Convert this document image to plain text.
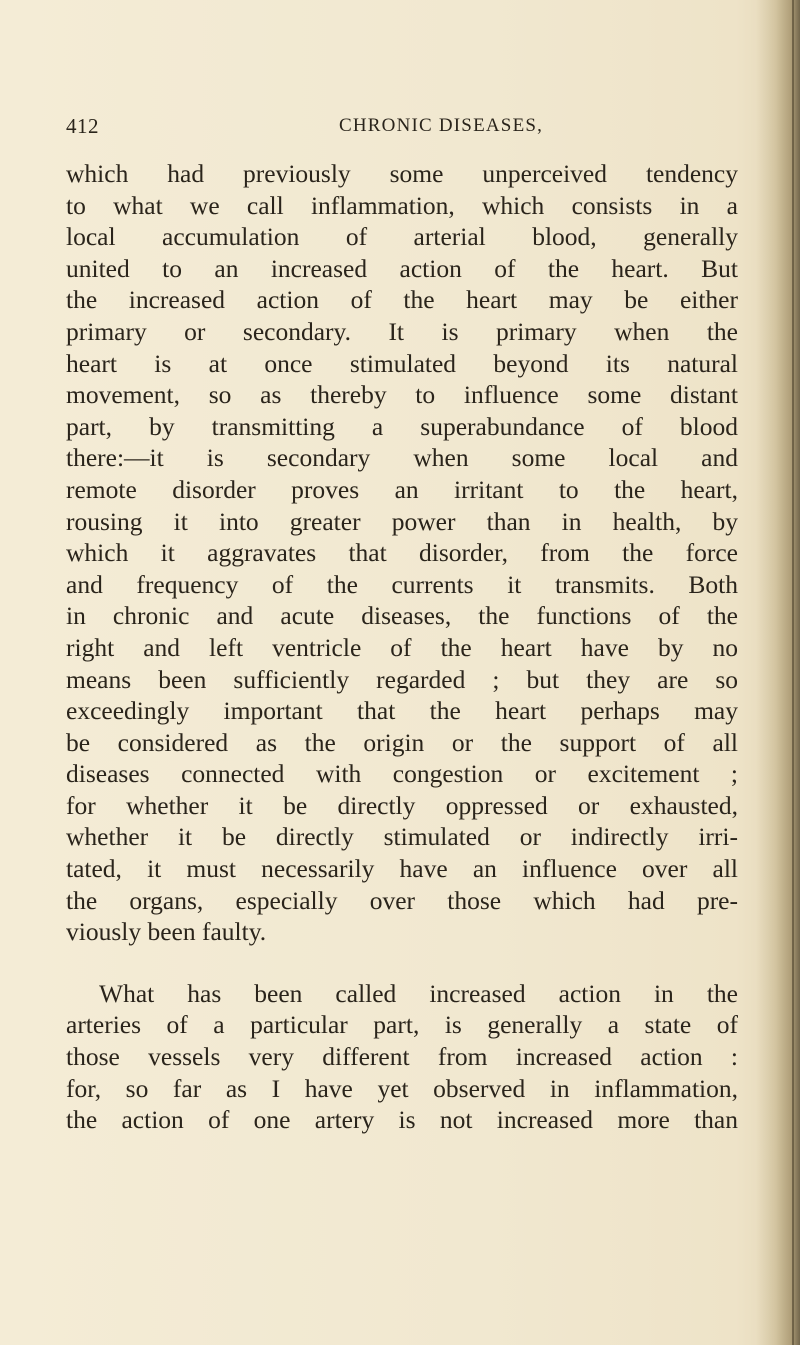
412	CHRONIC DISEASES,
which had previously some unperceived tendency
to what we call inflammation, which consists in a
local accumulation of arterial blood, generally
united to an increased action of the heart. But
the increased action of the heart may be either
primary or secondary. It is primary when the
heart is at once stimulated beyond its natural
movement, so as thereby to influence some distant
part, by transmitting a superabundance of blood
there:—it is secondary when some local and
remote disorder proves an irritant to the heart,
rousing it into greater power than in health, by
which it aggravates that disorder, from the force
and frequency of the currents it transmits. Both
in chronic and acute diseases, the functions of the
right and left ventricle of the heart have by no
means been sufficiently regarded ; but they are so
exceedingly important that the heart perhaps may
be considered as the origin or the support of all
diseases connected with congestion or excitement ;
for whether it be directly oppressed or exhausted,
whether it be directly stimulated or indirectly irri-
tated, it must necessarily have an influence over all
the organs, especially over those which had pre-
viously been faulty.
What has been called increased action in the
arteries of a particular part, is generally a state of
those vessels very different from increased action :
for, so far as I have yet observed in inflammation,
the action of one artery is not increased more than
